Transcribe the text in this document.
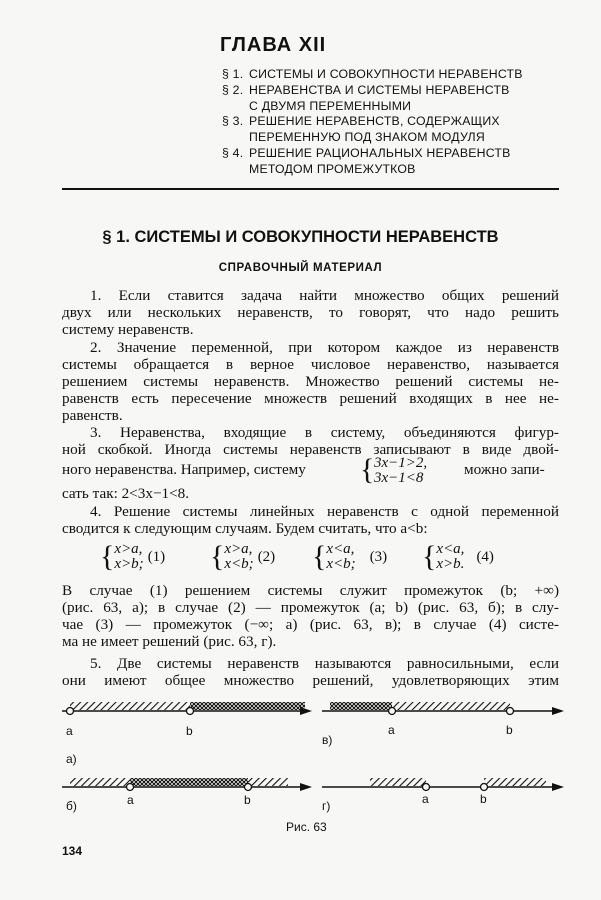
ГЛАВА XII
§ 1. СИСТЕМЫ И СОВОКУПНОСТИ НЕРАВЕНСТВ
§ 2. НЕРАВЕНСТВА И СИСТЕМЫ НЕРАВЕНСТВ
С ДВУМЯ ПЕРЕМЕННЫМИ
§ 3. РЕШЕНИЕ НЕРАВЕНСТВ, СОДЕРЖАЩИХ
ПЕРЕМЕННУЮ ПОД ЗНАКОМ МОДУЛЯ
§ 4. РЕШЕНИЕ РАЦИОНАЛЬНЫХ НЕРАВЕНСТВ
МЕТОДОМ ПРОМЕЖУТКОВ
§ 1. СИСТЕМЫ И СОВОКУПНОСТИ НЕРАВЕНСТВ
СПРАВОЧНЫЙ МАТЕРИАЛ
1. Если ставится задача найти множество общих решений
двух или нескольких неравенств, то говорят, что надо решить
систему неравенств.
2. Значение переменной, при котором каждое из неравенств
системы обращается в верное числовое неравенство, называется
решением системы неравенств. Множество решений системы не-
равенств есть пересечение множеств решений входящих в нее не-
равенств.
3. Неравенства, входящие в систему, объединяются фигур-
ной скобкой. Иногда системы неравенств записывают в виде двой-
ного неравенства. Например, систему { 3x−1>2,
3x−1<8	можно запи-
сать так: 2<3x−1<8.
4. Решение системы линейных неравенств с одной переменной
сводится к следующим случаям. Будем считать, что a<b:
{ x>a,
x>b; (1) { x>a,
x<b; (2) { x<a,
x<b; (3) { x<a,
x>b. (4)
В случае (1) решением системы служит промежуток (b; +∞)
(рис. 63, а); в случае (2) — промежуток (a; b) (рис. 63, б); в слу-
чае (3) — промежуток (−∞; a) (рис. 63, в); в случае (4) систе-
ма не имеет решений (рис. 63, г).
5. Две системы неравенств называются равносильными, если
они имеют общее множество решений, удовлетворяющих этим
a	b
а)
a	b
б)
a	b
в)
a	b
г)
Рис. 63
134
